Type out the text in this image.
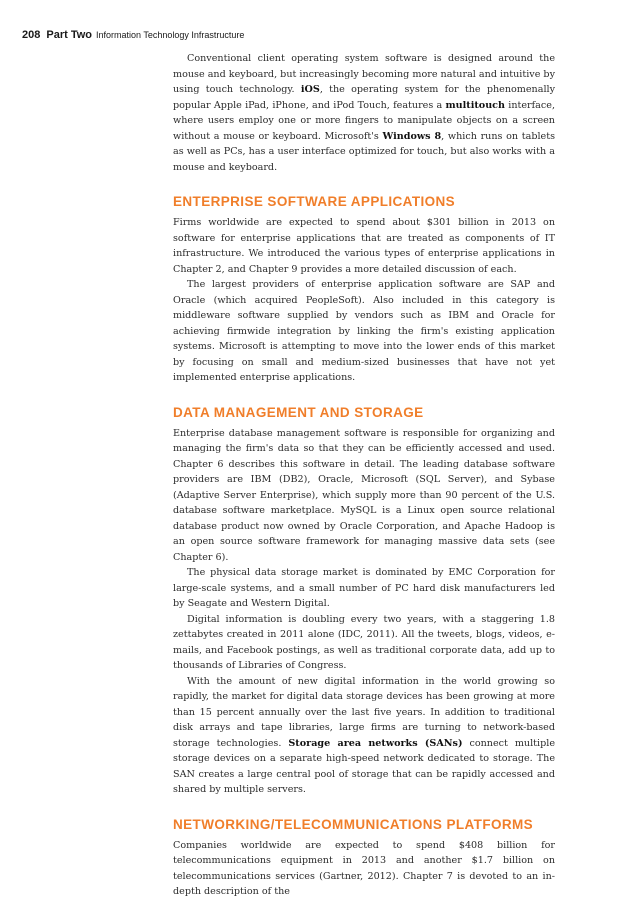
208 Part Two Information Technology Infrastructure

Conventional client operating system software is designed around the mouse and keyboard, but increasingly becoming more natural and intuitive by using touch technology. iOS, the operating system for the phenomenally popular Apple iPad, iPhone, and iPod Touch, features a multitouch interface, where users employ one or more fingers to manipulate objects on a screen without a mouse or keyboard. Microsoft's Windows 8, which runs on tablets as well as PCs, has a user interface optimized for touch, but also works with a mouse and keyboard.

ENTERPRISE SOFTWARE APPLICATIONS

Firms worldwide are expected to spend about $301 billion in 2013 on software for enterprise applications that are treated as components of IT infrastructure. We introduced the various types of enterprise applications in Chapter 2, and Chapter 9 provides a more detailed discussion of each.

The largest providers of enterprise application software are SAP and Oracle (which acquired PeopleSoft). Also included in this category is middleware software supplied by vendors such as IBM and Oracle for achieving firmwide integration by linking the firm's existing application systems. Microsoft is attempting to move into the lower ends of this market by focusing on small and medium-sized businesses that have not yet implemented enterprise applications.

DATA MANAGEMENT AND STORAGE

Enterprise database management software is responsible for organizing and managing the firm's data so that they can be efficiently accessed and used. Chapter 6 describes this software in detail. The leading database software providers are IBM (DB2), Oracle, Microsoft (SQL Server), and Sybase (Adaptive Server Enterprise), which supply more than 90 percent of the U.S. database software marketplace. MySQL is a Linux open source relational database product now owned by Oracle Corporation, and Apache Hadoop is an open source software framework for managing massive data sets (see Chapter 6).

The physical data storage market is dominated by EMC Corporation for large-scale systems, and a small number of PC hard disk manufacturers led by Seagate and Western Digital.

Digital information is doubling every two years, with a staggering 1.8 zettabytes created in 2011 alone (IDC, 2011). All the tweets, blogs, videos, e-mails, and Facebook postings, as well as traditional corporate data, add up to thousands of Libraries of Congress.

With the amount of new digital information in the world growing so rapidly, the market for digital data storage devices has been growing at more than 15 percent annually over the last five years. In addition to traditional disk arrays and tape libraries, large firms are turning to network-based storage technologies. Storage area networks (SANs) connect multiple storage devices on a separate high-speed network dedicated to storage. The SAN creates a large central pool of storage that can be rapidly accessed and shared by multiple servers.

NETWORKING/TELECOMMUNICATIONS PLATFORMS

Companies worldwide are expected to spend $408 billion for telecommunications equipment in 2013 and another $1.7 billion on telecommunications services (Gartner, 2012). Chapter 7 is devoted to an in-depth description of the
